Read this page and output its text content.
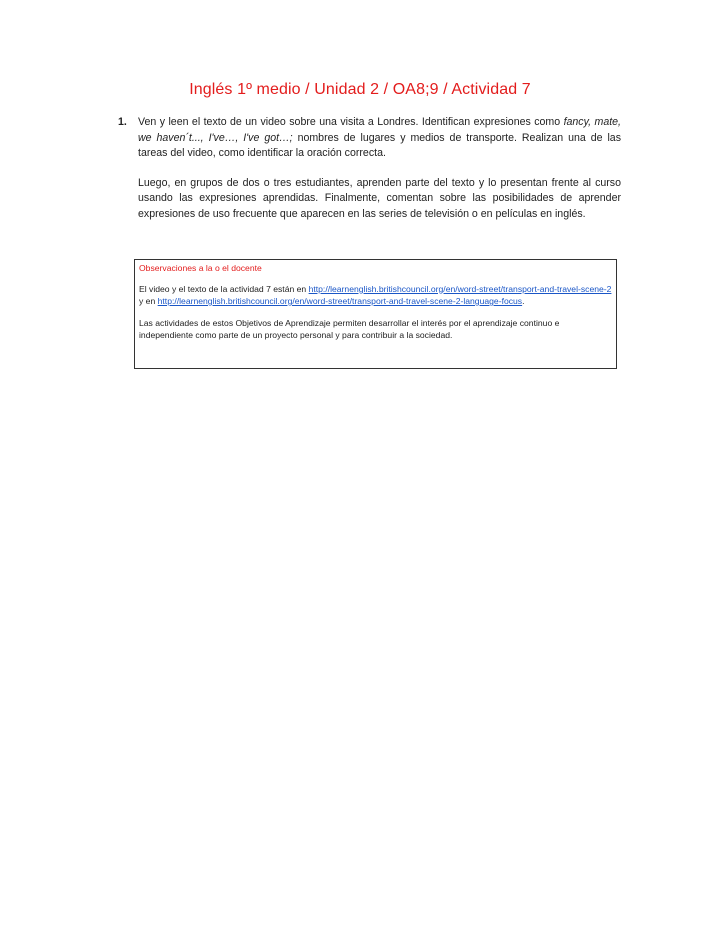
Inglés 1º medio / Unidad 2 / OA8;9 / Actividad 7
1. Ven y leen el texto de un video sobre una visita a Londres. Identifican expresiones como fancy, mate, we haven´t..., I've…, I've got…; nombres de lugares y medios de transporte. Realizan una de las tareas del video, como identificar la oración correcta.

Luego, en grupos de dos o tres estudiantes, aprenden parte del texto y lo presentan frente al curso usando las expresiones aprendidas. Finalmente, comentan sobre las posibilidades de aprender expresiones de uso frecuente que aparecen en las series de televisión o en películas en inglés.

Observaciones a la o el docente
El video y el texto de la actividad 7 están en http://learnenglish.britishcouncil.org/en/word-street/transport-and-travel-scene-2 y en http://learnenglish.britishcouncil.org/en/word-street/transport-and-travel-scene-2-language-focus.
Las actividades de estos Objetivos de Aprendizaje permiten desarrollar el interés por el aprendizaje continuo e independiente como parte de un proyecto personal y para contribuir a la sociedad.
